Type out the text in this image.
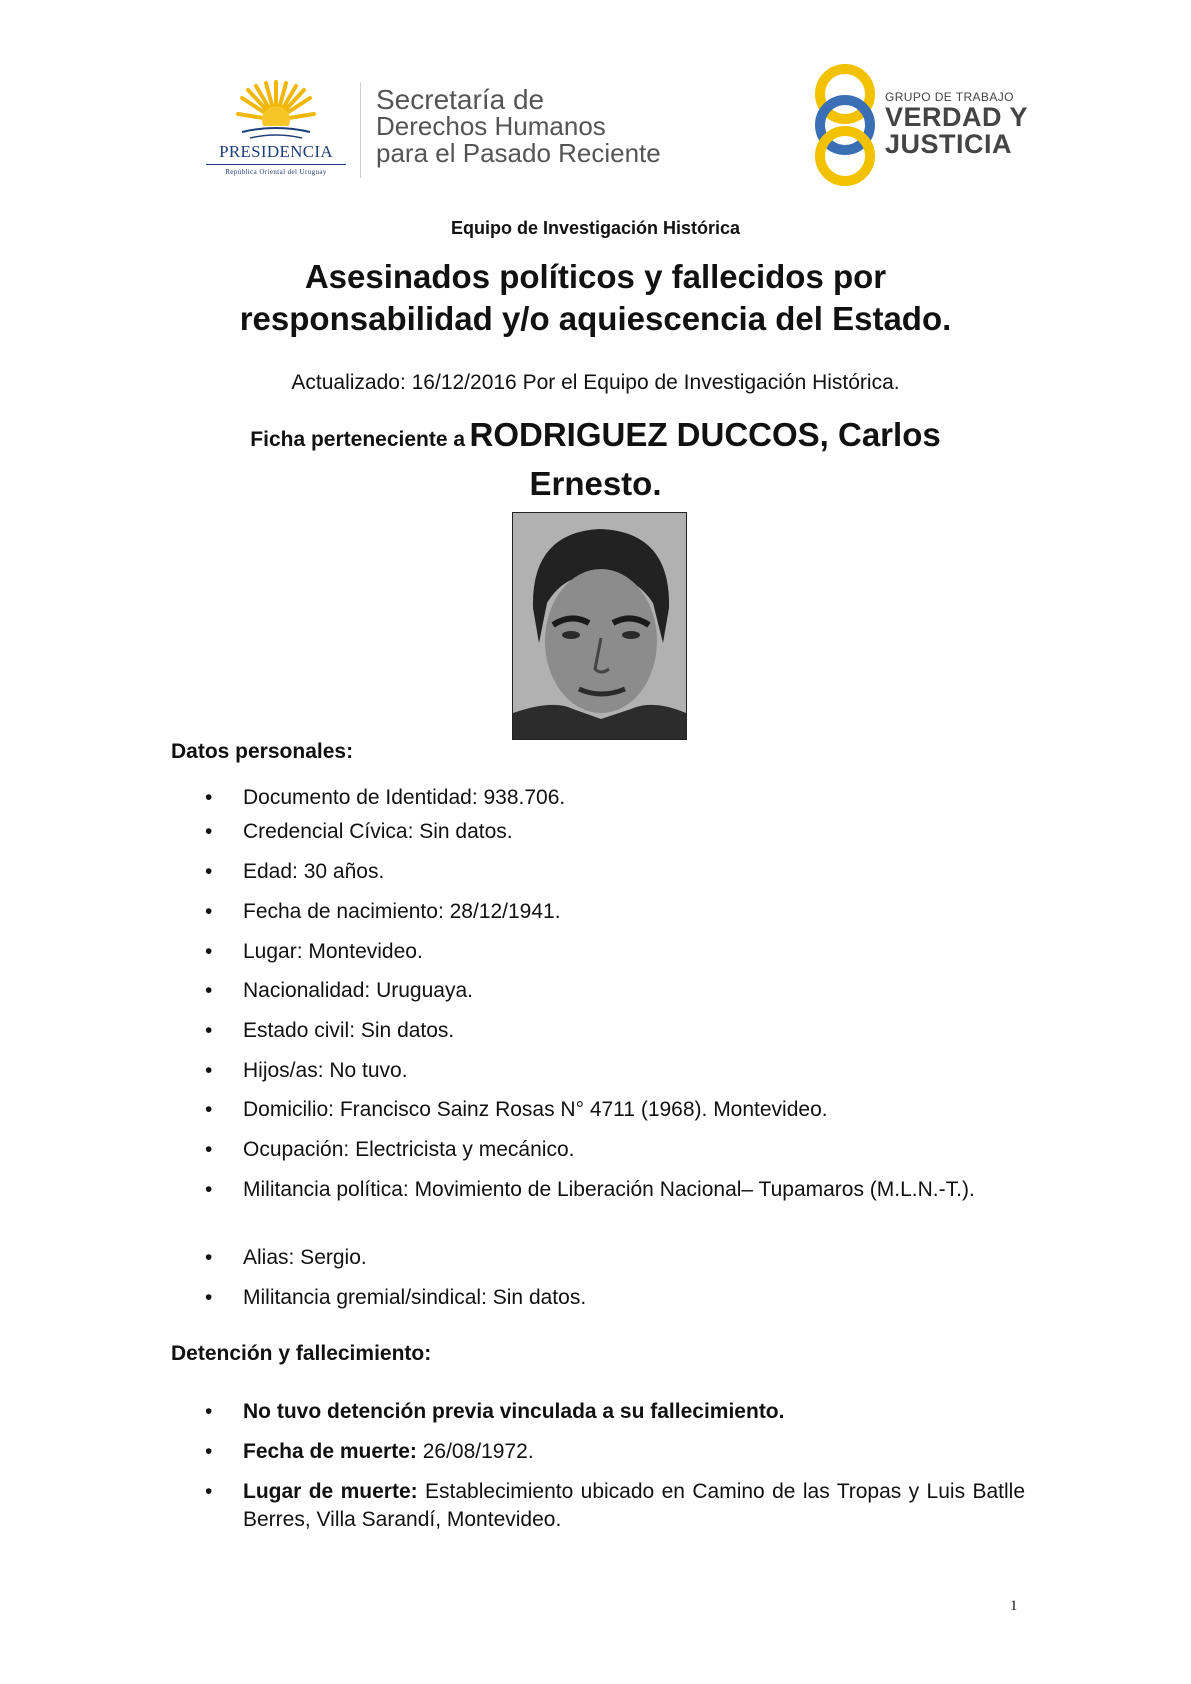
PRESIDENCIA
República Oriental del Uruguay
Secretaría de
Derechos Humanos
para el Pasado Reciente
GRUPO DE TRABAJO
VERDAD Y
JUSTICIA
Equipo de Investigación Histórica
Asesinados políticos y fallecidos por
responsabilidad y/o aquiescencia del Estado.
Actualizado: 16/12/2016 Por el Equipo de Investigación Histórica.
Ficha perteneciente a RODRIGUEZ DUCCOS, Carlos
Ernesto.
Datos personales:
• Documento de Identidad: 938.706.
• Credencial Cívica: Sin datos.
• Edad: 30 años.
• Fecha de nacimiento: 28/12/1941.
• Lugar: Montevideo.
• Nacionalidad: Uruguaya.
• Estado civil: Sin datos.
• Hijos/as: No tuvo.
• Domicilio: Francisco Sainz Rosas N° 4711 (1968). Montevideo.
• Ocupación: Electricista y mecánico.
• Militancia política: Movimiento de Liberación Nacional– Tupamaros (M.L.N.-T.).
• Alias: Sergio.
• Militancia gremial/sindical: Sin datos.
Detención y fallecimiento:
• No tuvo detención previa vinculada a su fallecimiento.
• Fecha de muerte: 26/08/1972.
• Lugar de muerte: Establecimiento ubicado en Camino de las Tropas y Luis Batlle Berres, Villa Sarandí, Montevideo.
1
